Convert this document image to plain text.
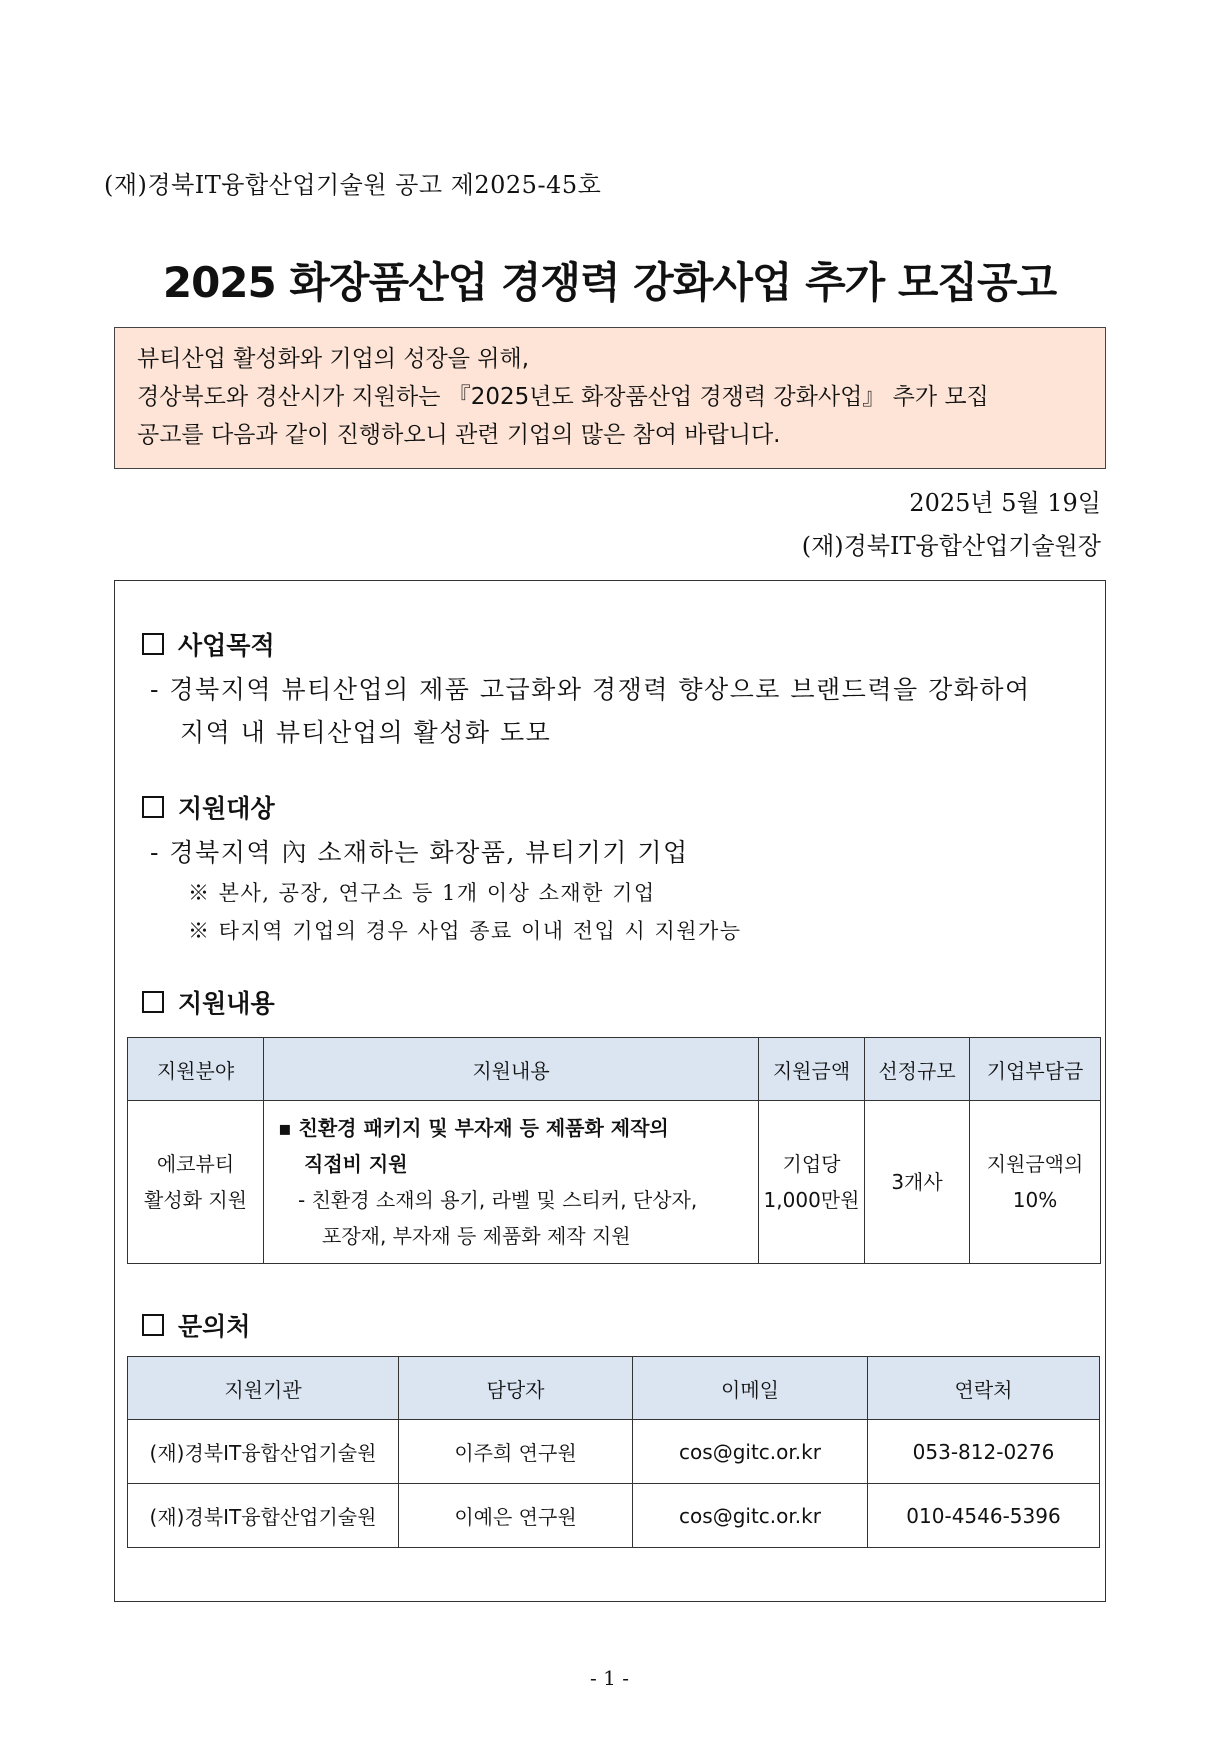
(재)경북IT융합산업기술원 공고 제2025-45호
2025 화장품산업 경쟁력 강화사업 추가 모집공고
뷰티산업 활성화와 기업의 성장을 위해,
경상북도와 경산시가 지원하는 『2025년도 화장품산업 경쟁력 강화사업』 추가 모집
공고를 다음과 같이 진행하오니 관련 기업의 많은 참여 바랍니다.
2025년 5월 19일
(재)경북IT융합산업기술원장
사업목적
- 경북지역 뷰티산업의 제품 고급화와 경쟁력 향상으로 브랜드력을 강화하여
지역 내 뷰티산업의 활성화 도모
지원대상
- 경북지역 內 소재하는 화장품, 뷰티기기 기업
※ 본사, 공장, 연구소 등 1개 이상 소재한 기업
※ 타지역 기업의 경우 사업 종료 이내 전입 시 지원가능
지원내용
지원분야	지원내용	지원금액	선정규모	기업부담금

에코뷰티
활성화 지원	▪ 친환경 패키지 및 부자재 등 제품화 제작의
직접비 지원
- 친환경 소재의 용기, 라벨 및 스티커, 단상자,
포장재, 부자재 등 제품화 제작 지원	기업당
1,000만원	3개사	지원금액의
10%
문의처
지원기관	담당자	이메일	연락처
(재)경북IT융합산업기술원	이주희 연구원	cos@gitc.or.kr	053-812-0276
(재)경북IT융합산업기술원	이예은 연구원	cos@gitc.or.kr	010-4546-5396
- 1 -
